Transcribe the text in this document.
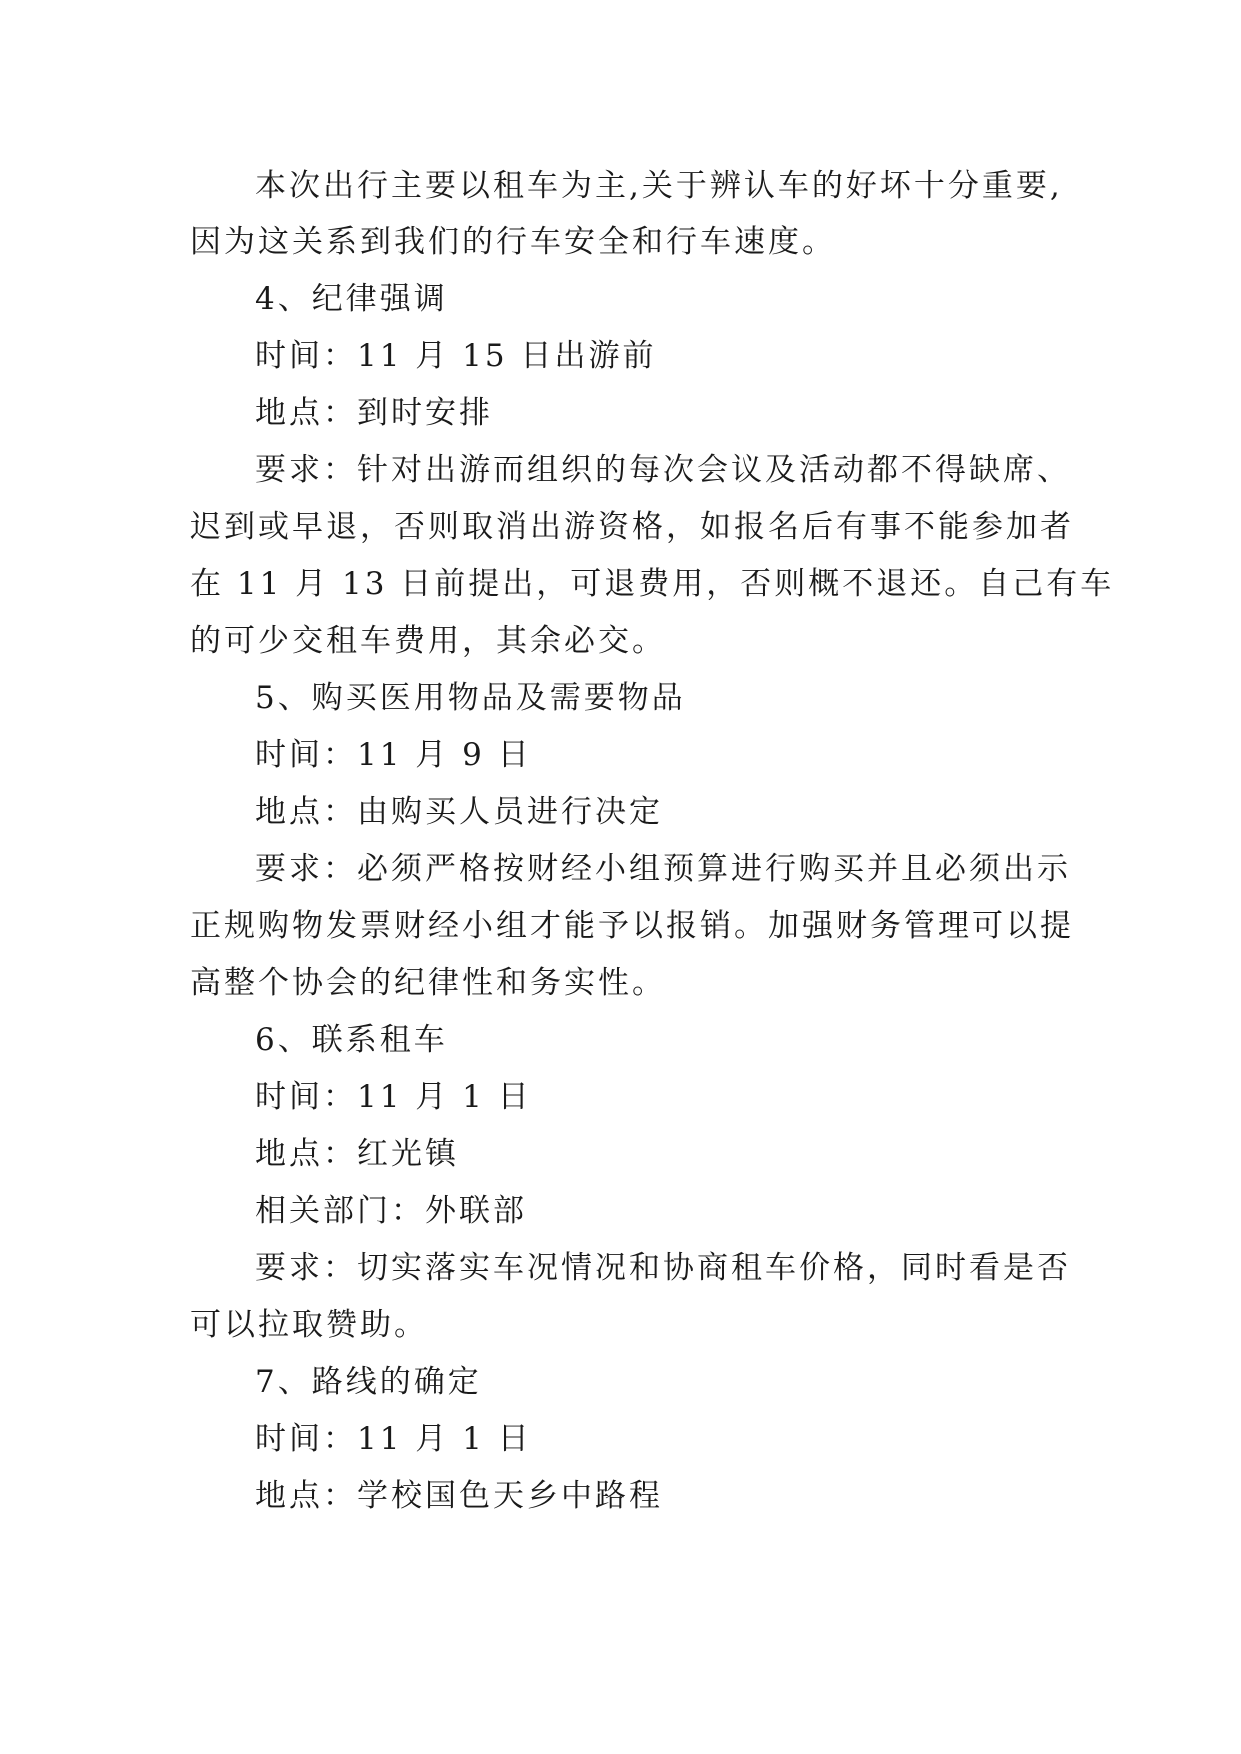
本次出行主要以租车为主,关于辨认车的好坏十分重要,
因为这关系到我们的行车安全和行车速度。
4、纪律强调
时间：11 月 15 日出游前
地点：到时安排
要求：针对出游而组织的每次会议及活动都不得缺席、
迟到或早退，否则取消出游资格，如报名后有事不能参加者
在 11 月 13 日前提出，可退费用，否则概不退还。自己有车
的可少交租车费用，其余必交。
5、购买医用物品及需要物品
时间：11 月 9 日
地点：由购买人员进行决定
要求：必须严格按财经小组预算进行购买并且必须出示
正规购物发票财经小组才能予以报销。加强财务管理可以提
高整个协会的纪律性和务实性。
6、联系租车
时间：11 月 1 日
地点：红光镇
相关部门：外联部
要求：切实落实车况情况和协商租车价格，同时看是否
可以拉取赞助。
7、路线的确定
时间：11 月 1 日
地点：学校国色天乡中路程
